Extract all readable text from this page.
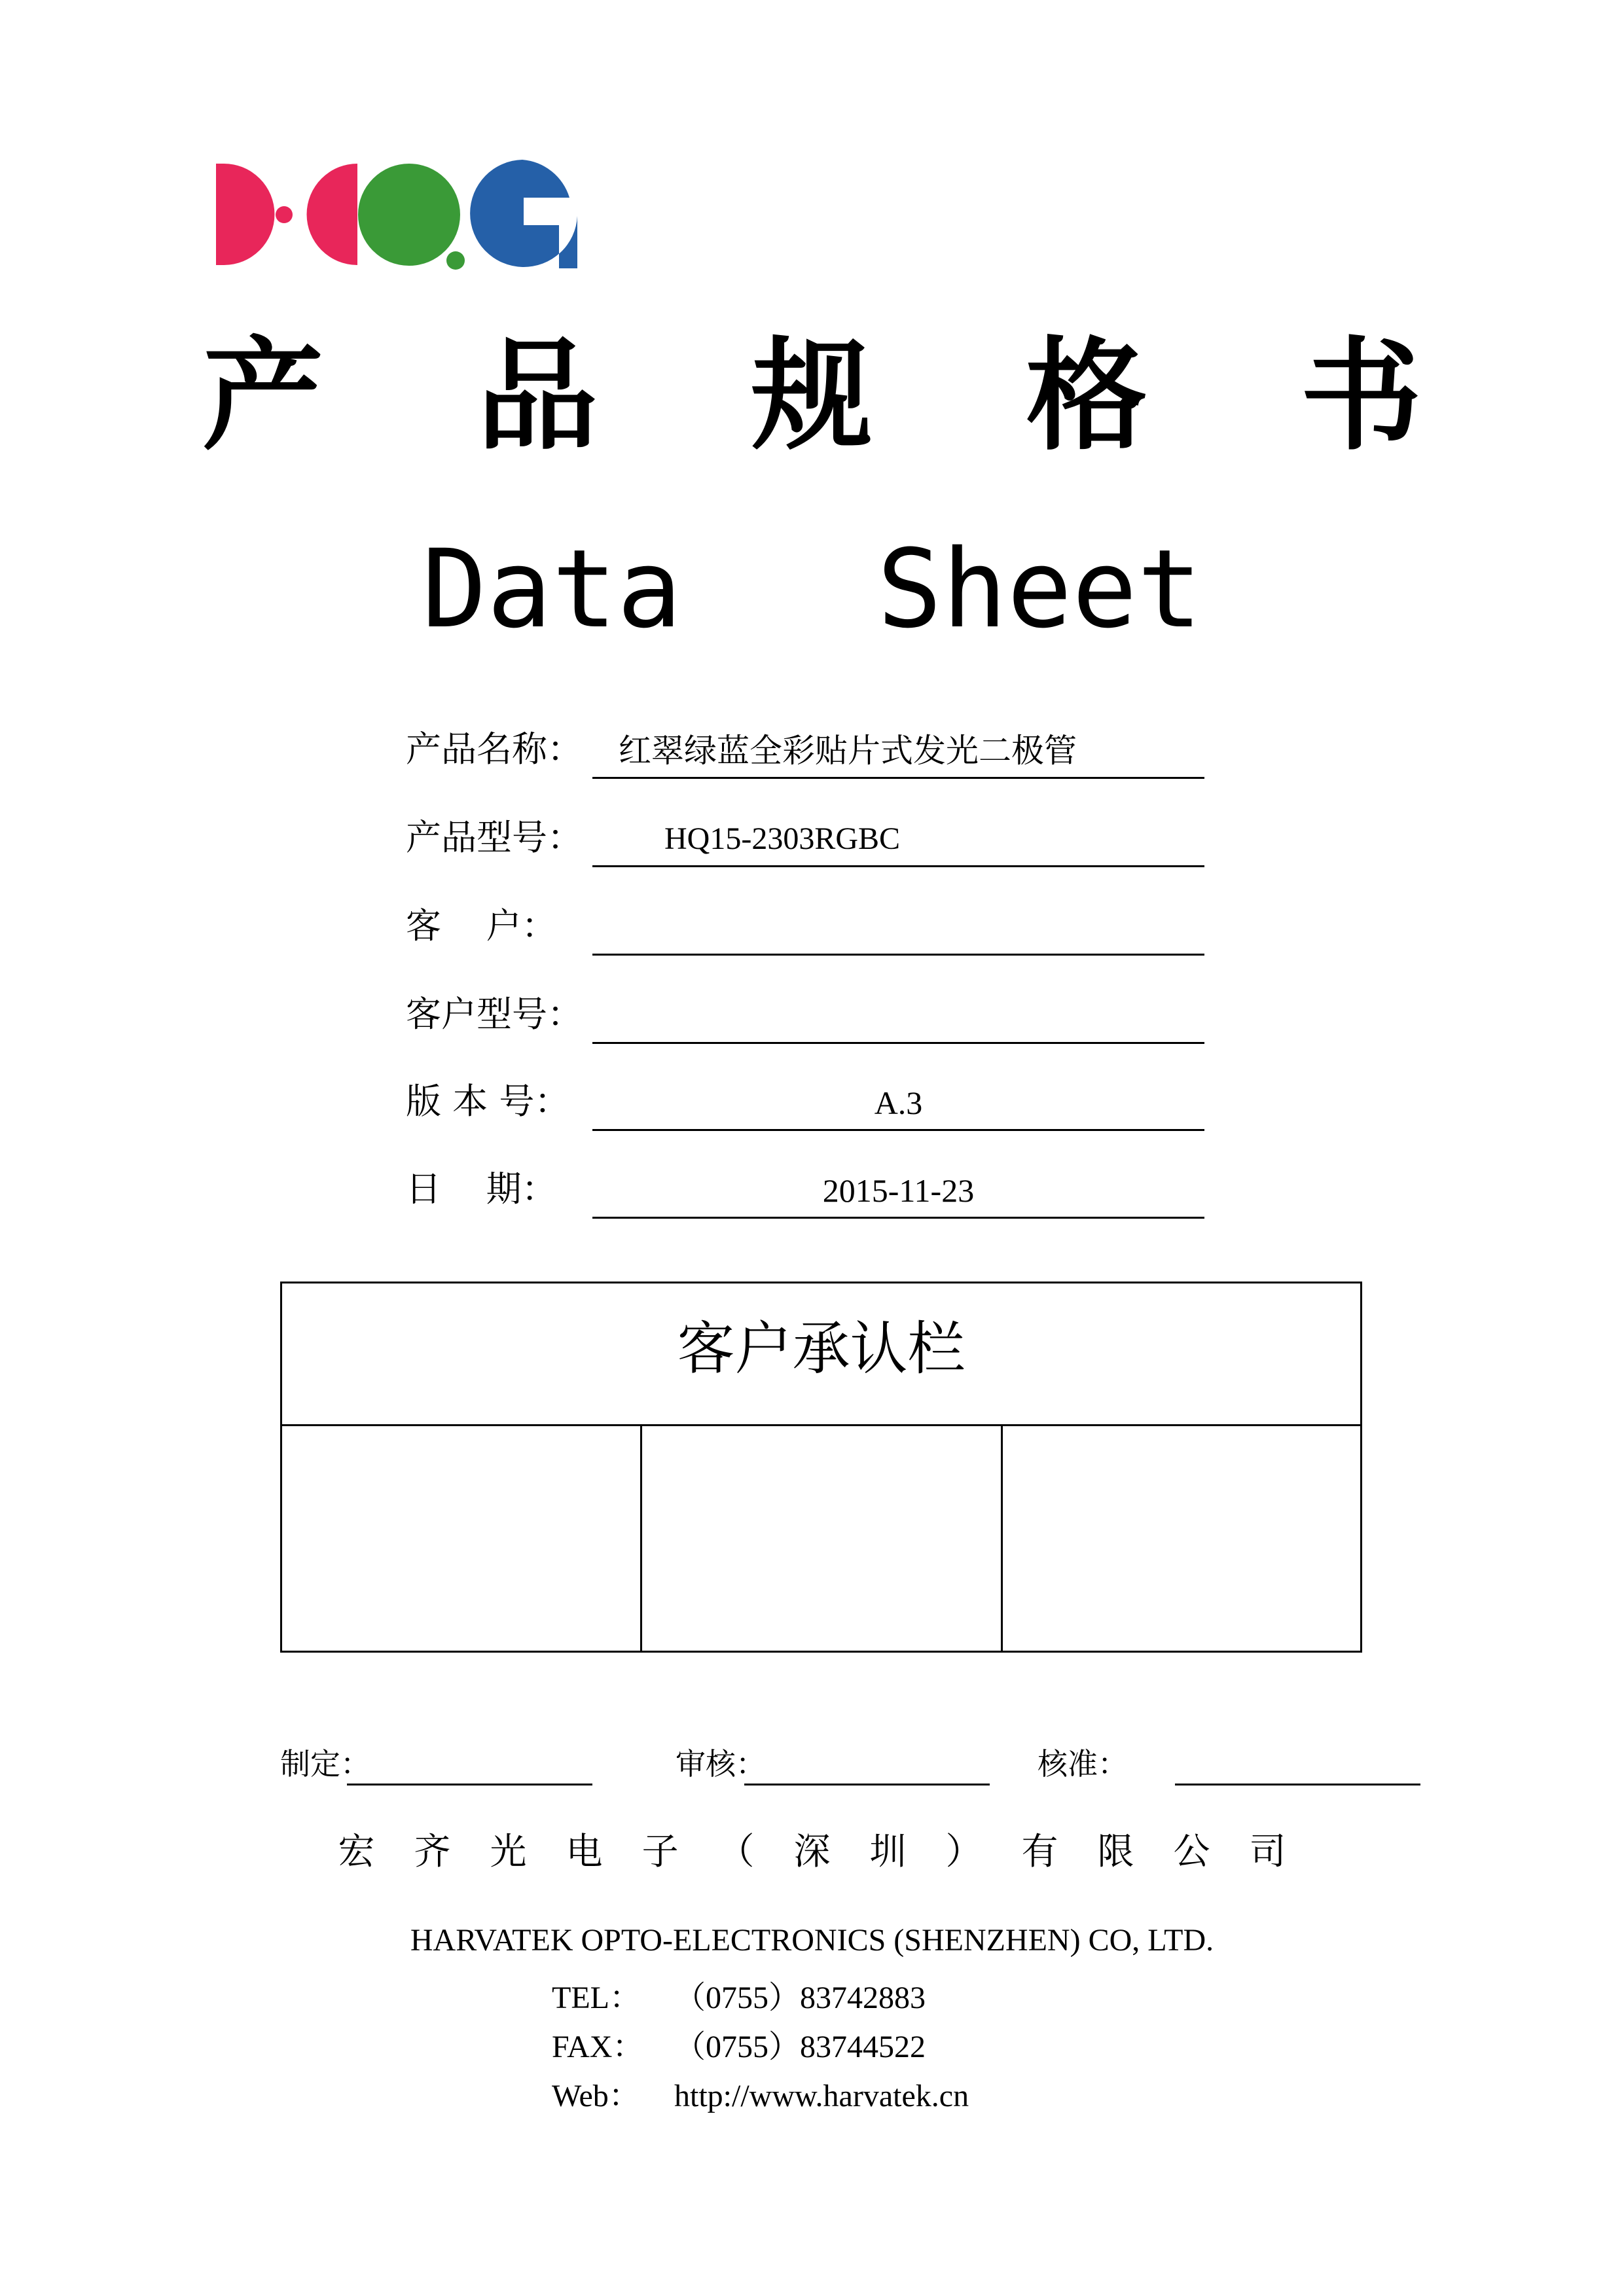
产 品 规 格 书
Data   Sheet
产品名称： 红翠绿蓝全彩贴片式发光二极管
产品型号：	HQ15-2303RGBC
客    户：
客户型号：
版 本 号：	A.3
日    期：	2015-11-23
客户承认栏
制定：	审核：	核准：
宏齐光电子（深圳）有限公司
HARVATEK OPTO-ELECTRONICS (SHENZHEN) CO, LTD.
TEL： （0755）83742883
FAX： （0755）83744522
Web： http://www.harvatek.cn
